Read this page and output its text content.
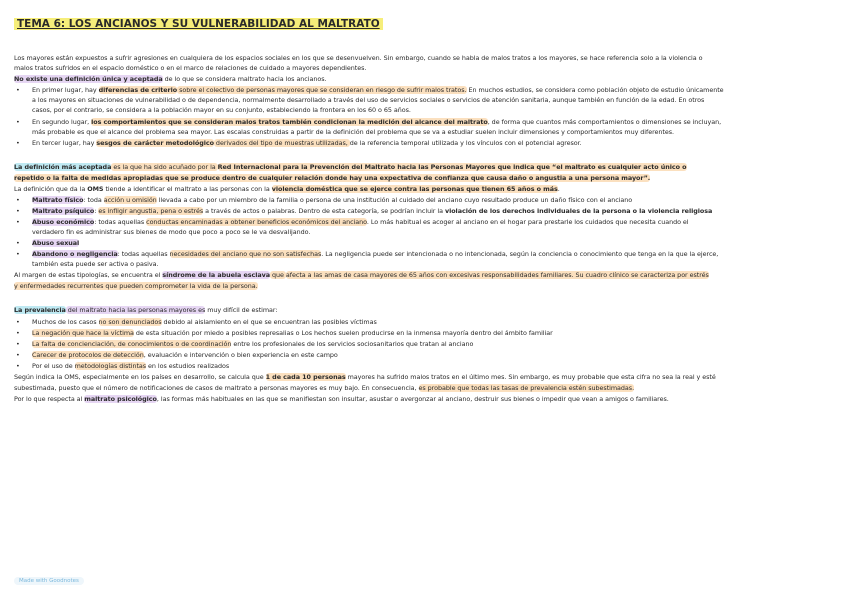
TEMA 6: LOS ANCIANOS Y SU VULNERABILIDAD AL MALTRATO
Los mayores están expuestos a sufrir agresiones en cualquiera de los espacios sociales en los que se desenvuelven. Sin embargo, cuando se habla de malos tratos a los mayores, se hace referencia solo a la violencia o
malos tratos sufridos en el espacio doméstico o en el marco de relaciones de cuidado a mayores dependientes.
No existe una definición única y aceptada de lo que se considera maltrato hacia los ancianos.
• En primer lugar, hay diferencias de criterio sobre el colectivo de personas mayores que se consideran en riesgo de sufrir malos tratos. En muchos estudios, se considera como población objeto de estudio únicamente
a los mayores en situaciones de vulnerabilidad o de dependencia, normalmente desarrollado a través del uso de servicios sociales o servicios de atención sanitaria, aunque también en función de la edad. En otros
casos, por el contrario, se considera a la población mayor en su conjunto, estableciendo la frontera en los 60 o 65 años.
• En segundo lugar, los comportamientos que se consideran malos tratos también condicionan la medición del alcance del maltrato, de forma que cuantos más comportamientos o dimensiones se incluyan,
más probable es que el alcance del problema sea mayor. Las escalas construidas a partir de la definición del problema que se va a estudiar suelen incluir dimensiones y comportamientos muy diferentes.
• En tercer lugar, hay sesgos de carácter metodológico derivados del tipo de muestras utilizadas, de la referencia temporal utilizada y los vínculos con el potencial agresor.
La definición más aceptada es la que ha sido acuñado por la Red Internacional para la Prevención del Maltrato hacia las Personas Mayores que indica que “el maltrato es cualquier acto único o
repetido o la falta de medidas apropiadas que se produce dentro de cualquier relación donde hay una expectativa de confianza que causa daño o angustia a una persona mayor”.
La definición que da la OMS tiende a identificar el maltrato a las personas con la violencia doméstica que se ejerce contra las personas que tienen 65 años o más.
• Maltrato físico: toda acción u omisión llevada a cabo por un miembro de la familia o persona de una institución al cuidado del anciano cuyo resultado produce un daño físico con el anciano
• Maltrato psíquico: es infligir angustia, pena o estrés a través de actos o palabras. Dentro de esta categoría, se podrían incluir la violación de los derechos individuales de la persona o la violencia religiosa
• Abuso económico: todas aquellas conductas encaminadas a obtener beneficios económicos del anciano. Lo más habitual es acoger al anciano en el hogar para prestarle los cuidados que necesita cuando el
verdadero fin es administrar sus bienes de modo que poco a poco se le va desvalijando.
• Abuso sexual
• Abandono o negligencia: todas aquellas necesidades del anciano que no son satisfechas. La negligencia puede ser intencionada o no intencionada, según la conciencia o conocimiento que tenga en la que la ejerce,
también esta puede ser activa o pasiva.
Al margen de estas tipologías, se encuentra el síndrome de la abuela esclava que afecta a las amas de casa mayores de 65 años con excesivas responsabilidades familiares. Su cuadro clínico se caracteriza por estrés
y enfermedades recurrentes que pueden comprometer la vida de la persona.
La prevalencia del maltrato hacia las personas mayores es muy difícil de estimar:
• Muchos de los casos no son denunciados debido al aislamiento en el que se encuentran las posibles víctimas
• La negación que hace la víctima de esta situación por miedo a posibles represalias o Los hechos suelen producirse en la inmensa mayoría dentro del ámbito familiar
• La falta de concienciación, de conocimientos o de coordinación entre los profesionales de los servicios sociosanitarios que tratan al anciano
• Carecer de protocolos de detección, evaluación e intervención o bien experiencia en este campo
• Por el uso de metodologías distintas en los estudios realizados
Según indica la OMS, especialmente en los países en desarrollo, se calcula que 1 de cada 10 personas mayores ha sufrido malos tratos en el último mes. Sin embargo, es muy probable que esta cifra no sea la real y esté
subestimada, puesto que el número de notificaciones de casos de maltrato a personas mayores es muy bajo. En consecuencia, es probable que todas las tasas de prevalencia estén subestimadas.
Por lo que respecta al maltrato psicológico, las formas más habituales en las que se manifiestan son insultar, asustar o avergonzar al anciano, destruir sus bienes o impedir que vean a amigos o familiares.
Made with Goodnotes
